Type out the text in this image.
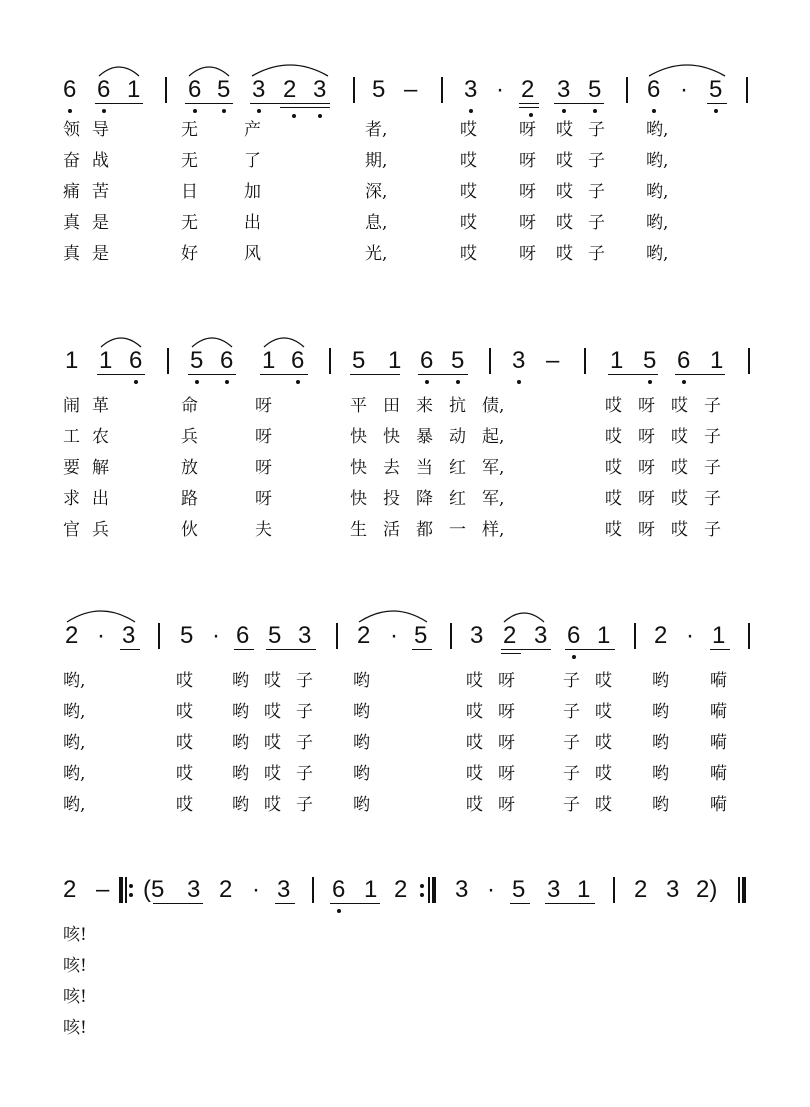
6 6 1 6 5 3 2 3 5 – 3 · 2 3 5 6 · 5
领 导	无	产	者,	哎 呀 哎 子 哟,
奋 战	无	了	期,	哎 呀 哎 子 哟,
痛 苦	日	加	深,	哎 呀 哎 子 哟,
真 是	无	出	息,	哎 呀 哎 子 哟,
真 是	好	风	光,	哎 呀 哎 子 哟,
1 1 6 5 6 1 6 5 1 6 5 3 – 1 5 6 1
闹 革	命	呀	平 田 来 抗 债,	哎 呀 哎 子
工 农	兵	呀	快 快 暴 动 起,	哎 呀 哎 子
要 解	放	呀	快 去 当 红 军,	哎 呀 哎 子
求 出	路	呀	快 投 降 红 军,	哎 呀 哎 子
官 兵	伙	夫	生 活 都 一 样,	哎 呀 哎 子
2 · 3 5 · 6 5 3 2 · 5 3 2 3 6 1 2 · 1
哟,	哎 哟 哎 子 哟	哎 呀	子 哎 哟 嗬
哟,	哎 哟 哎 子 哟	哎 呀	子 哎 哟 嗬
哟,	哎 哟 哎 子 哟	哎 呀	子 哎 哟 嗬
哟,	哎 哟 哎 子 哟	哎 呀	子 哎 哟 嗬
哟,	哎 哟 哎 子 哟	哎 呀	子 哎 哟 嗬
2 – (5 3 2 · 3 6 1 2 3 · 5 3 1 2 3 2)
咳!
咳!
咳!
咳!
